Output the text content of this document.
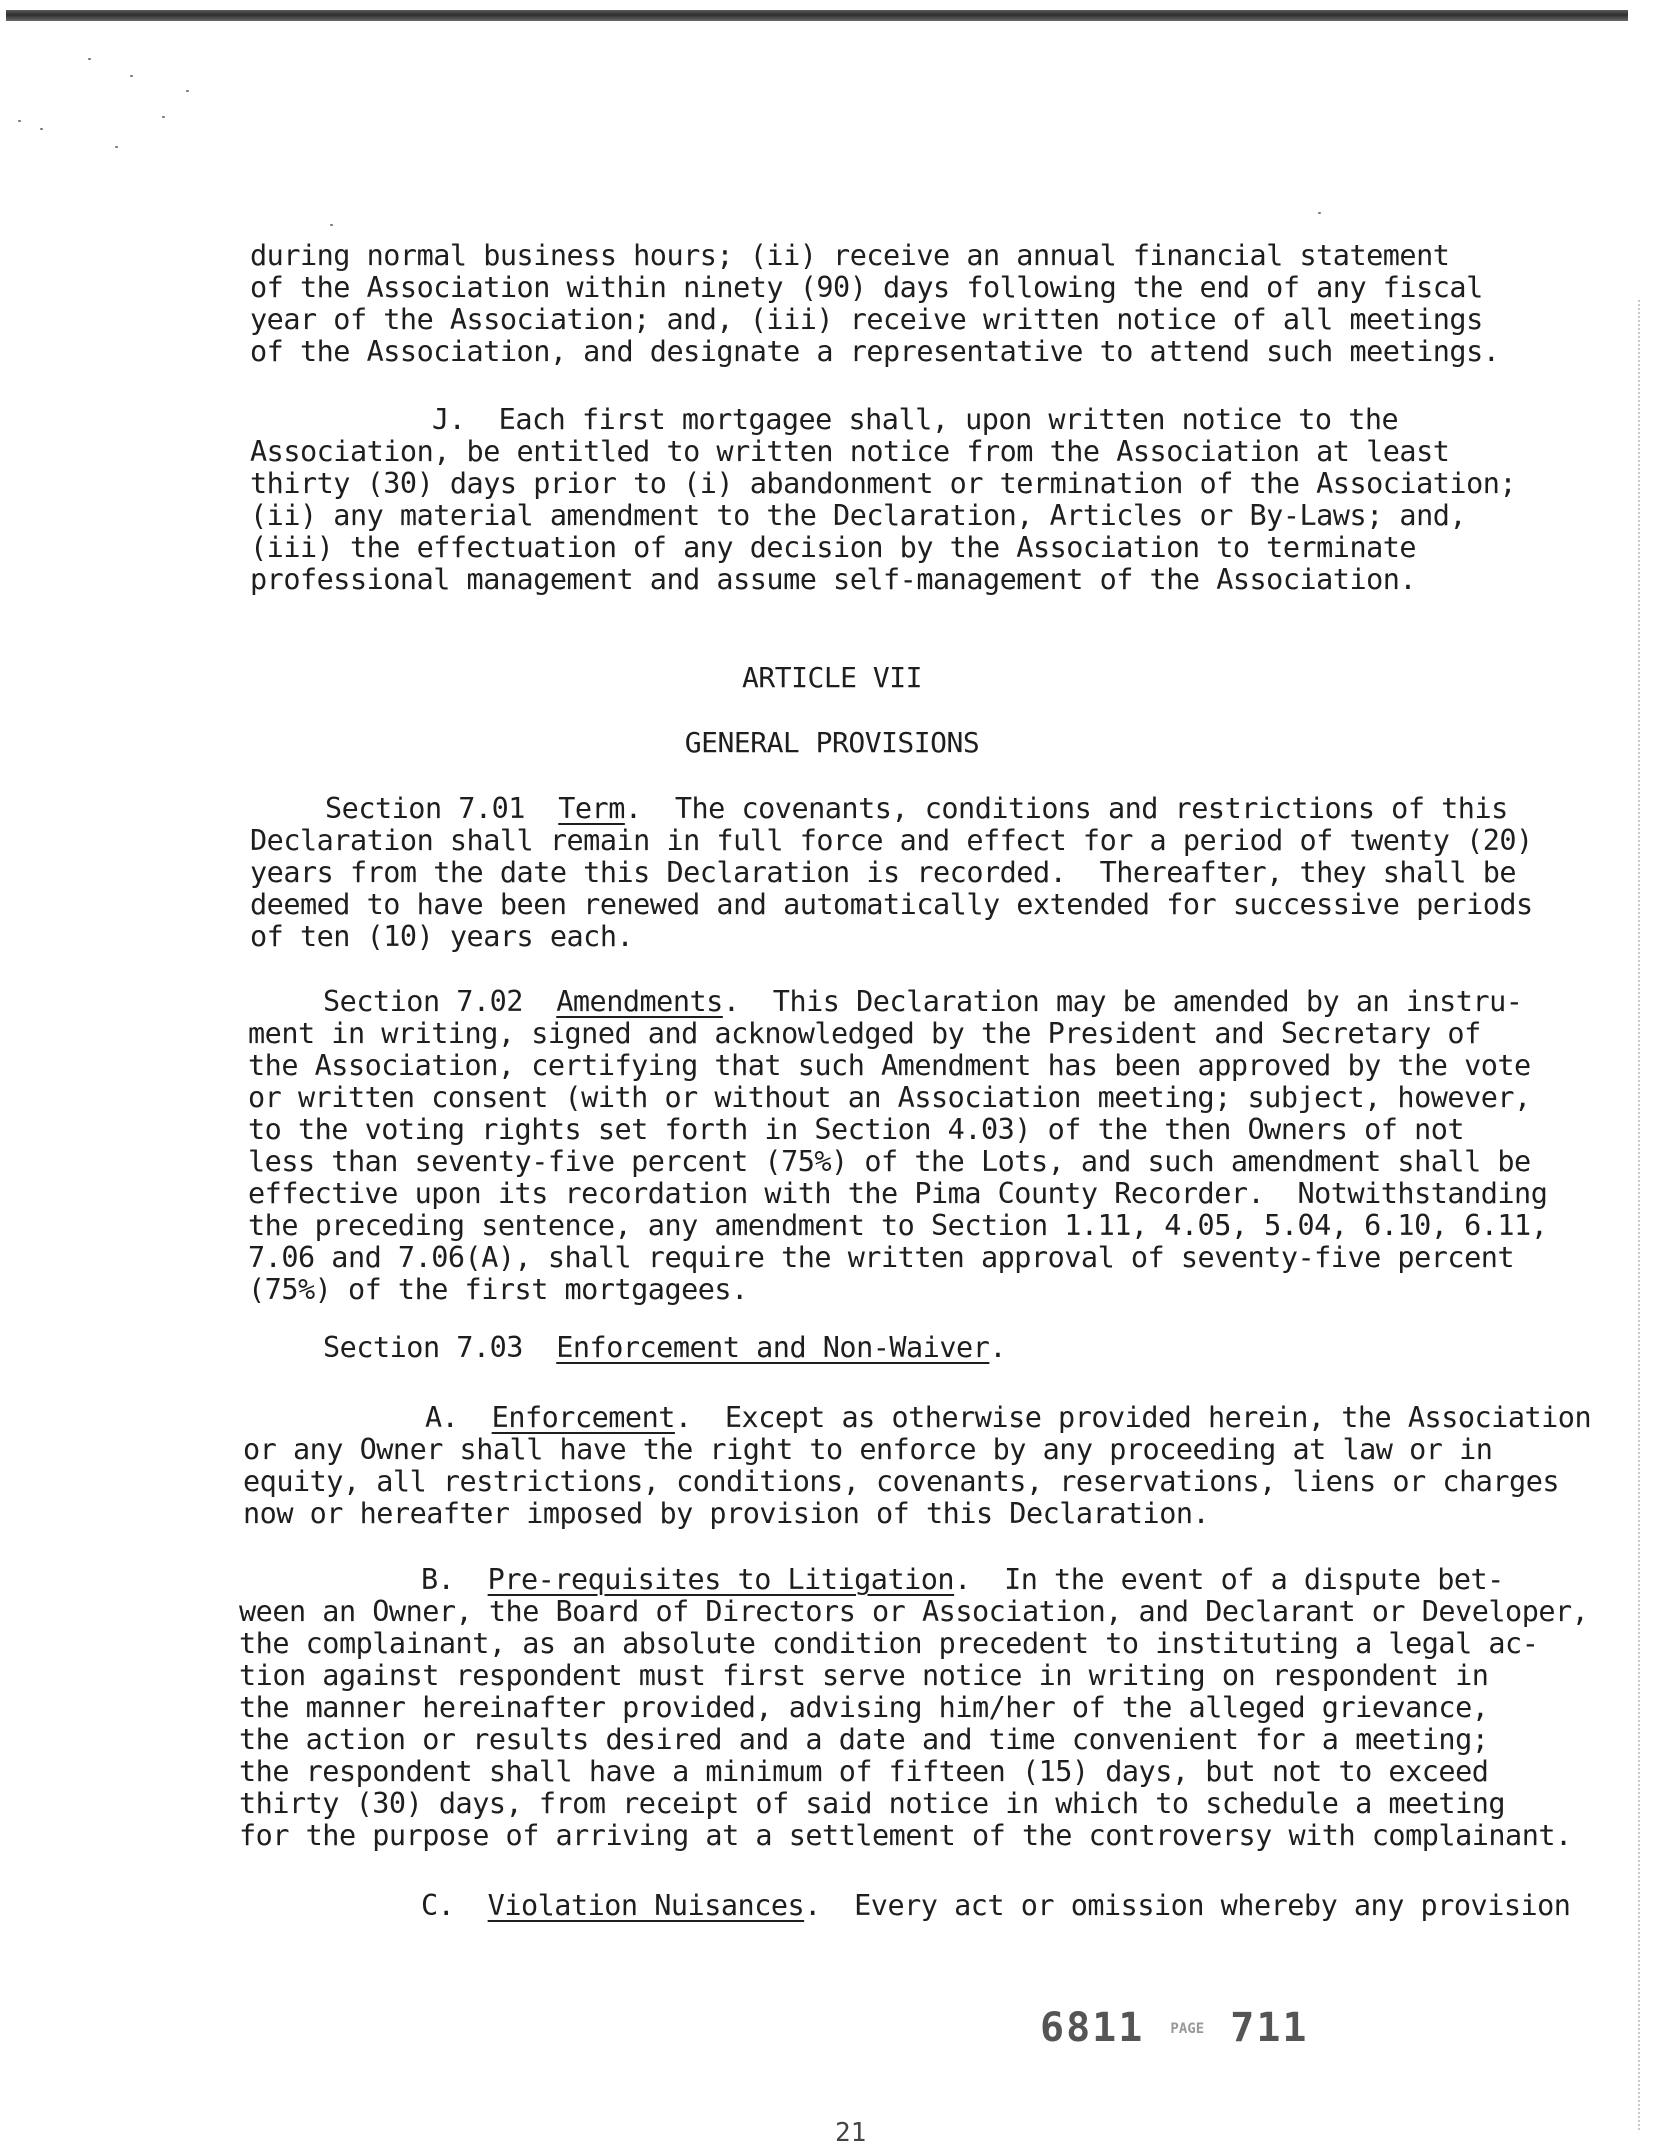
during normal business hours; (ii) receive an annual financial statement
of the Association within ninety (90) days following the end of any fiscal
year of the Association; and, (iii) receive written notice of all meetings
of the Association, and designate a representative to attend such meetings.
J. Each first mortgagee shall, upon written notice to the
Association, be entitled to written notice from the Association at least
thirty (30) days prior to (i) abandonment or termination of the Association;
(ii) any material amendment to the Declaration, Articles or By-Laws; and,
(iii) the effectuation of any decision by the Association to terminate
professional management and assume self-management of the Association.
ARTICLE VII
GENERAL PROVISIONS
Section 7.01 Term.  The covenants, conditions and restrictions of this
Declaration shall remain in full force and effect for a period of twenty (20)
years from the date this Declaration is recorded.  Thereafter, they shall be
deemed to have been renewed and automatically extended for successive periods
of ten (10) years each.
Section 7.02 Amendments.  This Declaration may be amended by an instru-
ment in writing, signed and acknowledged by the President and Secretary of
the Association, certifying that such Amendment has been approved by the vote
or written consent (with or without an Association meeting; subject, however,
to the voting rights set forth in Section 4.03) of the then Owners of not
less than seventy-five percent (75%) of the Lots, and such amendment shall be
effective upon its recordation with the Pima County Recorder.  Notwithstanding
the preceding sentence, any amendment to Section 1.11, 4.05, 5.04, 6.10, 6.11,
7.06 and 7.06(A), shall require the written approval of seventy-five percent
(75%) of the first mortgagees.
Section 7.03 Enforcement and Non-Waiver.
A. Enforcement.  Except as otherwise provided herein, the Association
or any Owner shall have the right to enforce by any proceeding at law or in
equity, all restrictions, conditions, covenants, reservations, liens or charges
now or hereafter imposed by provision of this Declaration.
B. Pre-requisites to Litigation.  In the event of a dispute bet-
ween an Owner, the Board of Directors or Association, and Declarant or Developer,
the complainant, as an absolute condition precedent to instituting a legal ac-
tion against respondent must first serve notice in writing on respondent in
the manner hereinafter provided, advising him/her of the alleged grievance,
the action or results desired and a date and time convenient for a meeting;
the respondent shall have a minimum of fifteen (15) days, but not to exceed
thirty (30) days, from receipt of said notice in which to schedule a meeting
for the purpose of arriving at a settlement of the controversy with complainant.
C. Violation Nuisances.  Every act or omission whereby any provision
6811 $^{PAGE}$ 711
21
